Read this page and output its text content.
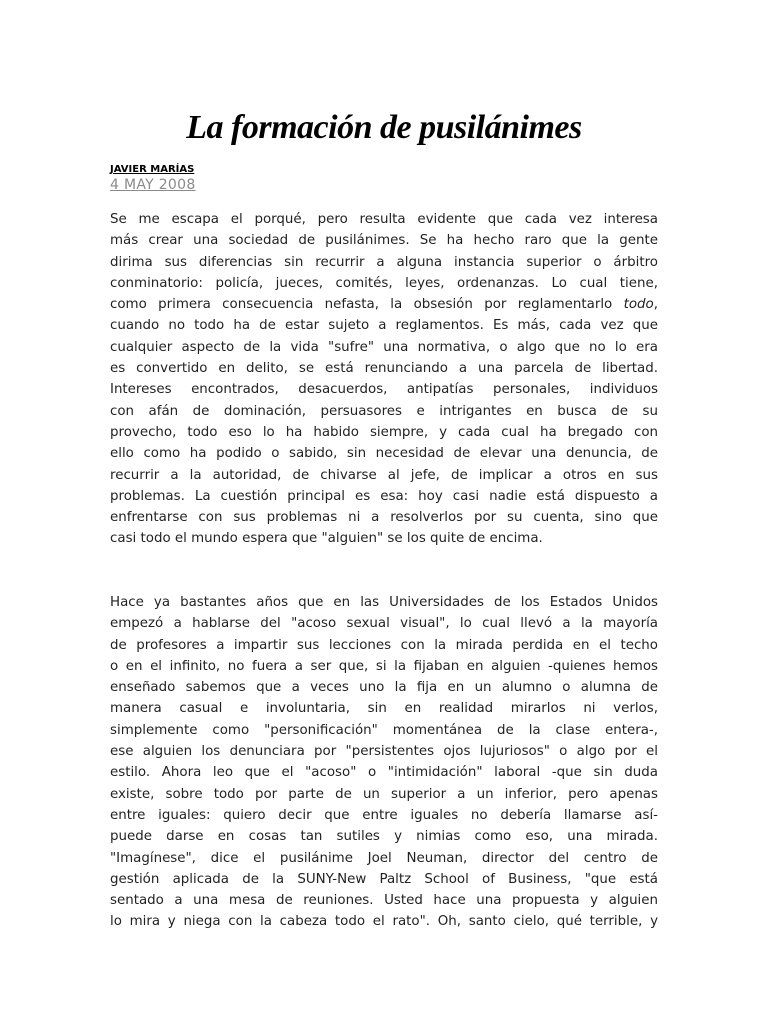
La formación de pusilánimes
JAVIER MARÍAS
4 MAY 2008
Se me escapa el porqué, pero resulta evidente que cada vez interesa
más crear una sociedad de pusilánimes. Se ha hecho raro que la gente
dirima sus diferencias sin recurrir a alguna instancia superior o árbitro
conminatorio: policía, jueces, comités, leyes, ordenanzas. Lo cual tiene,
como primera consecuencia nefasta, la obsesión por reglamentarlo todo,
cuando no todo ha de estar sujeto a reglamentos. Es más, cada vez que
cualquier aspecto de la vida "sufre" una normativa, o algo que no lo era
es convertido en delito, se está renunciando a una parcela de libertad.
Intereses encontrados, desacuerdos, antipatías personales, individuos
con afán de dominación, persuasores e intrigantes en busca de su
provecho, todo eso lo ha habido siempre, y cada cual ha bregado con
ello como ha podido o sabido, sin necesidad de elevar una denuncia, de
recurrir a la autoridad, de chivarse al jefe, de implicar a otros en sus
problemas. La cuestión principal es esa: hoy casi nadie está dispuesto a
enfrentarse con sus problemas ni a resolverlos por su cuenta, sino que
casi todo el mundo espera que "alguien" se los quite de encima.
Hace ya bastantes años que en las Universidades de los Estados Unidos
empezó a hablarse del "acoso sexual visual", lo cual llevó a la mayoría
de profesores a impartir sus lecciones con la mirada perdida en el techo
o en el infinito, no fuera a ser que, si la fijaban en alguien -quienes hemos
enseñado sabemos que a veces uno la fija en un alumno o alumna de
manera casual e involuntaria, sin en realidad mirarlos ni verlos,
simplemente como "personificación" momentánea de la clase entera-,
ese alguien los denunciara por "persistentes ojos lujuriosos" o algo por el
estilo. Ahora leo que el "acoso" o "intimidación" laboral -que sin duda
existe, sobre todo por parte de un superior a un inferior, pero apenas
entre iguales: quiero decir que entre iguales no debería llamarse así-
puede darse en cosas tan sutiles y nimias como eso, una mirada.
"Imagínese", dice el pusilánime Joel Neuman, director del centro de
gestión aplicada de la SUNY-New Paltz School of Business, "que está
sentado a una mesa de reuniones. Usted hace una propuesta y alguien
lo mira y niega con la cabeza todo el rato". Oh, santo cielo, qué terrible, y
